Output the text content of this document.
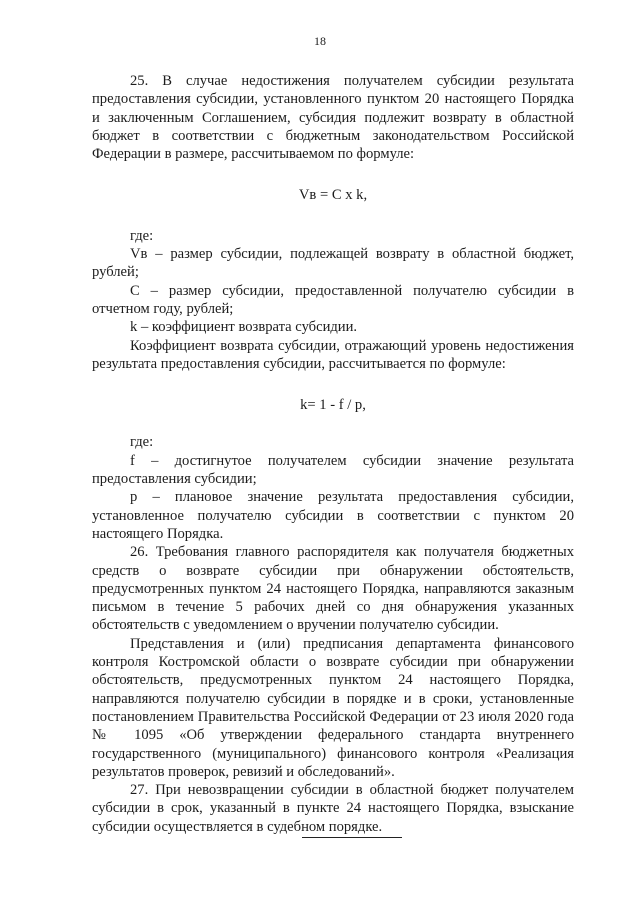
18

25. В случае недостижения получателем субсидии результата предоставления субсидии, установленного пунктом 20 настоящего Порядка и заключенным Соглашением, субсидия подлежит возврату в областной бюджет в соответствии с бюджетным законодательством Российской Федерации в размере, рассчитываемом по формуле:

Vв = C x k,

где:

Vв – размер субсидии, подлежащей возврату в областной бюджет, рублей;

С – размер субсидии, предоставленной получателю субсидии в отчетном году, рублей;

k – коэффициент возврата субсидии.

Коэффициент возврата субсидии, отражающий уровень недостижения результата предоставления субсидии, рассчитывается по формуле:

k= 1 - f / p,

где:

f – достигнутое получателем субсидии значение результата предоставления субсидии;

р – плановое значение результата предоставления субсидии, установленное получателю субсидии в соответствии с пунктом 20 настоящего Порядка.

26. Требования главного распорядителя как получателя бюджетных средств о возврате субсидии при обнаружении обстоятельств, предусмотренных пунктом 24 настоящего Порядка, направляются заказным письмом в течение 5 рабочих дней со дня обнаружения указанных обстоятельств с уведомлением о вручении получателю субсидии.

Представления и (или) предписания департамента финансового контроля Костромской области о возврате субсидии при обнаружении обстоятельств, предусмотренных пунктом 24 настоящего Порядка, направляются получателю субсидии в порядке и в сроки, установленные постановлением Правительства Российской Федерации от 23 июля 2020 года № 1095 «Об утверждении федерального стандарта внутреннего государственного (муниципального) финансового контроля «Реализация результатов проверок, ревизий и обследований».

27. При невозвращении субсидии в областной бюджет получателем субсидии в срок, указанный в пункте 24 настоящего Порядка, взыскание субсидии осуществляется в судебном порядке.
